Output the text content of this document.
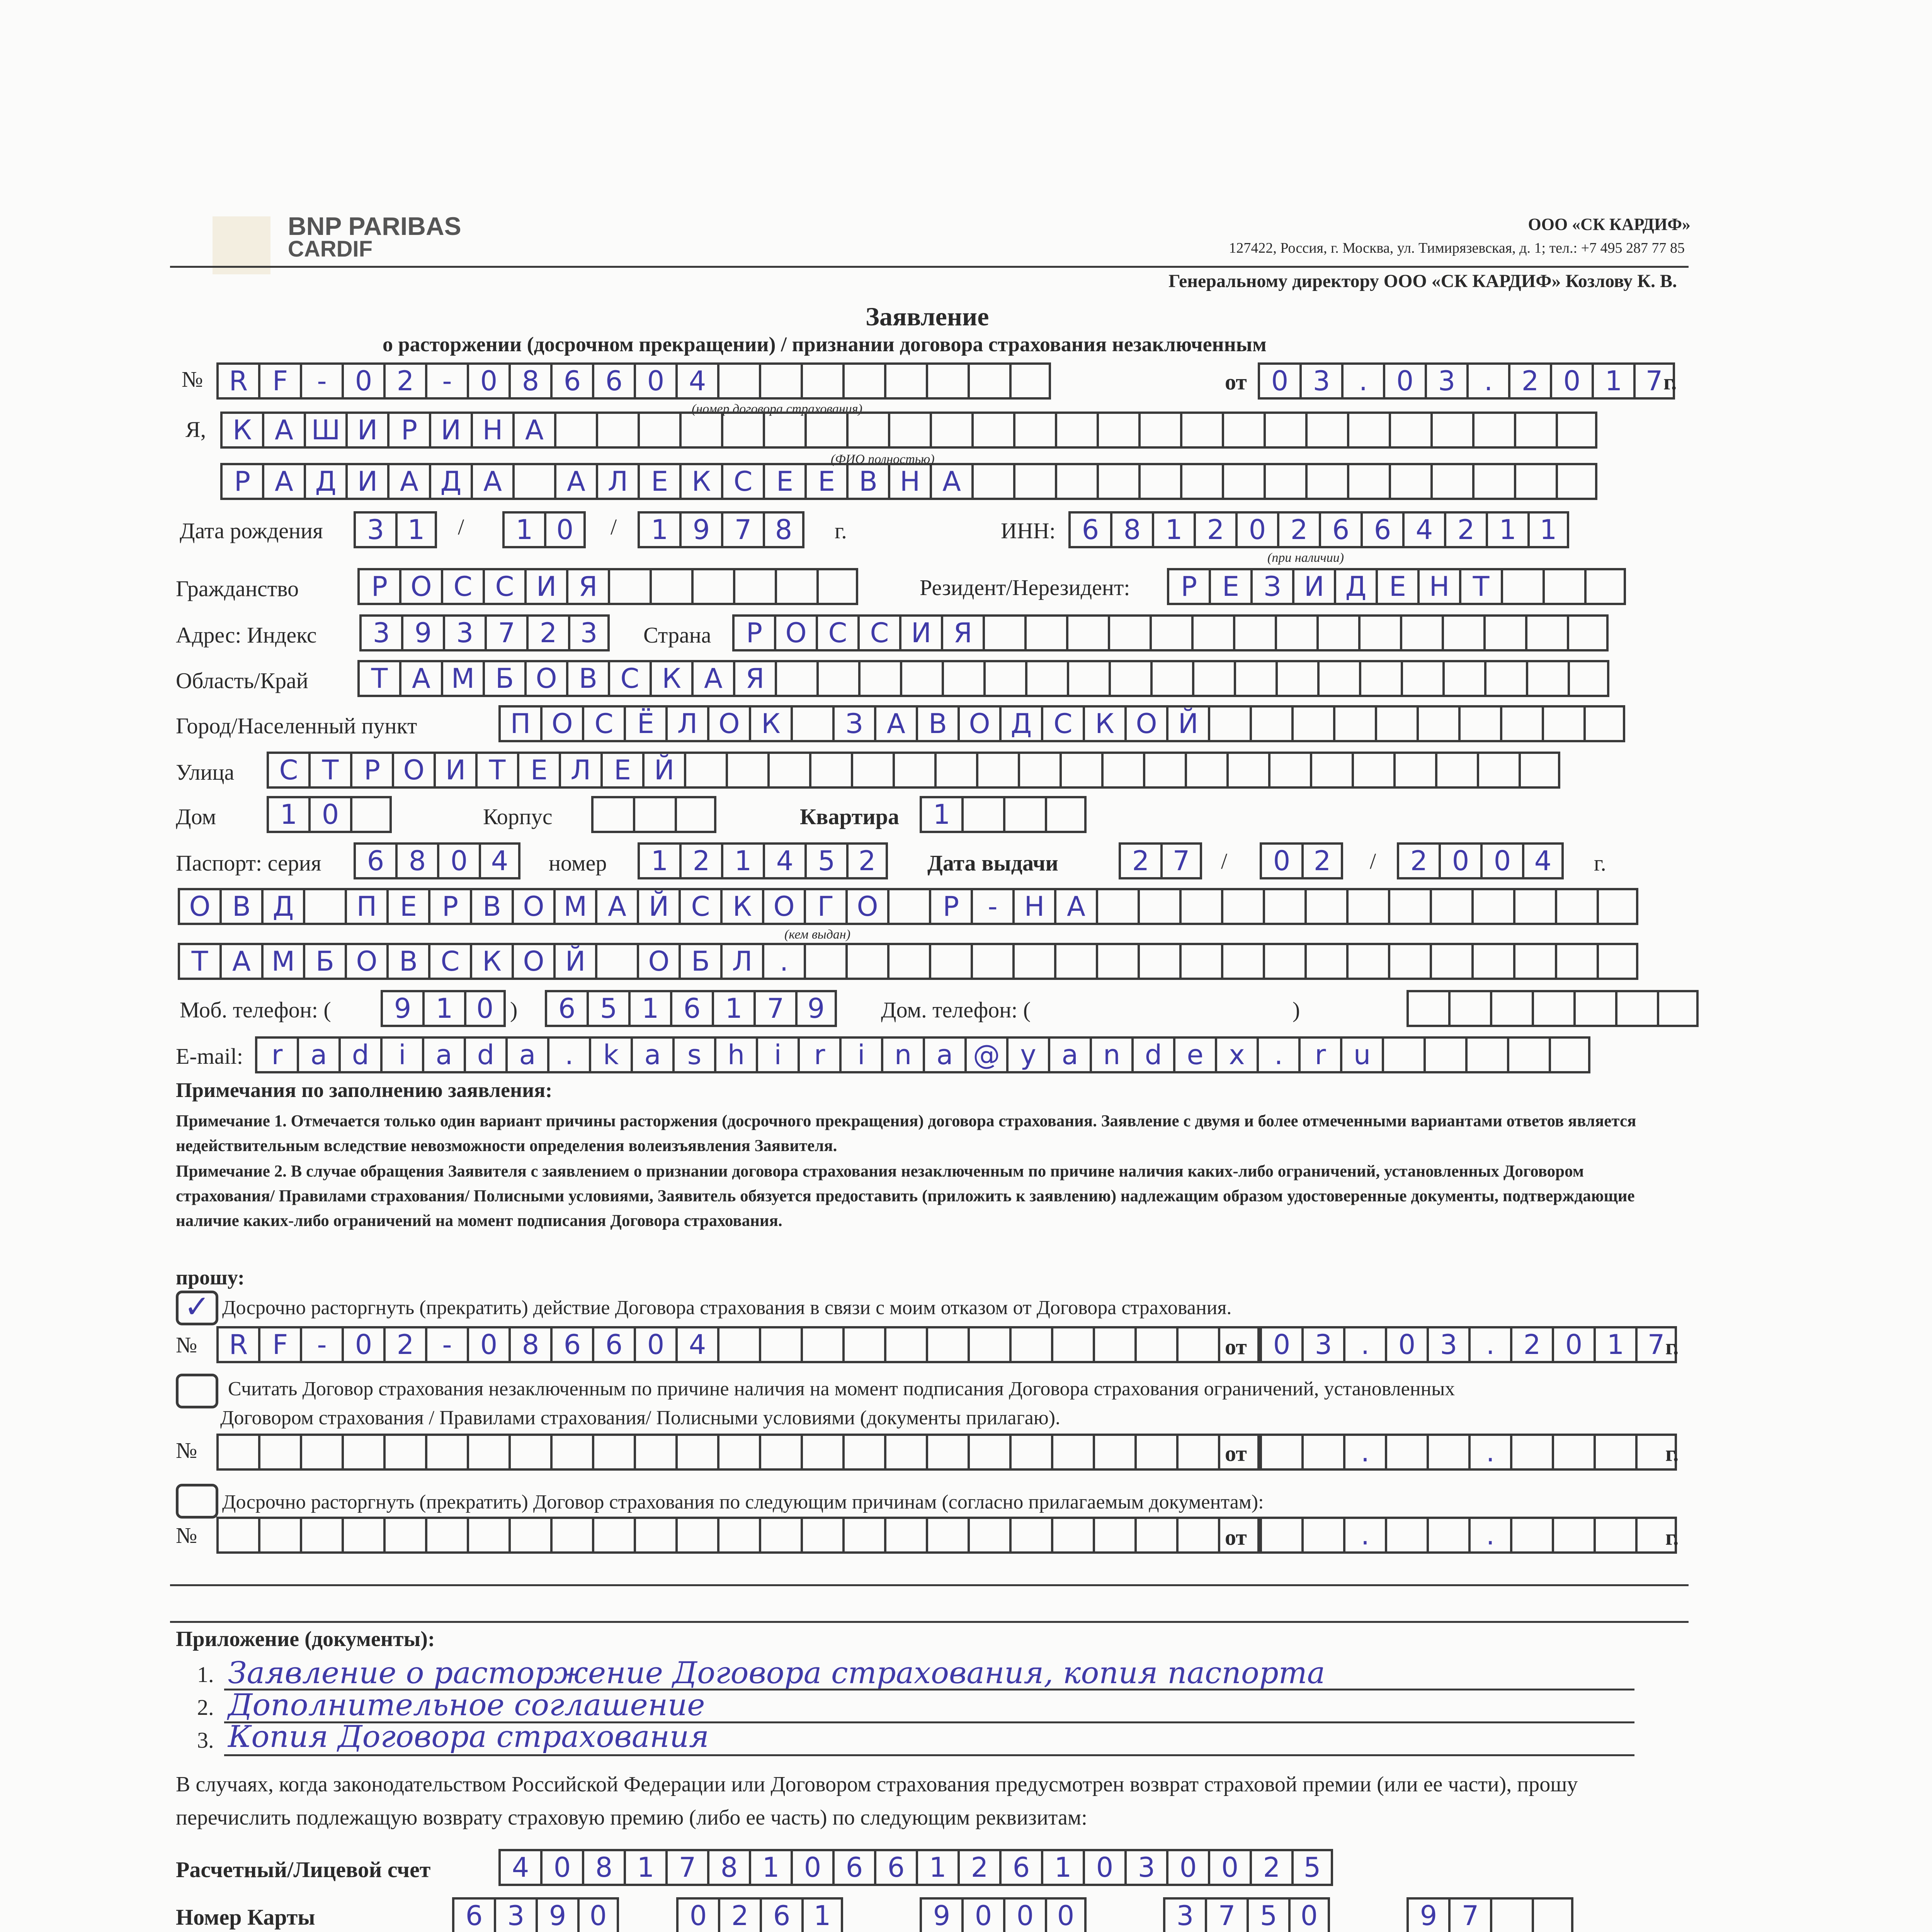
BNP PARIBAS
CARDIF
ООО «СК КАРДИФ»
127422, Россия, г. Москва, ул. Тимирязевская, д. 1; тел.: +7 495 287 77 85
Генеральному директору ООО «СК КАРДИФ» Козлову К. В.
Заявление
о расторжении (досрочном прекращении) / признании договора страхования незаключенным
№ R F	-	0 2	-	0 8 6 6 0 4
(номер договора страхования)
от 0 3	.	0 3	.	2 0 1 7 г.
Я, К А Ш И Р И Н А
Р А Д И А Д А	А Л Е К С Е Е В Н А
(ФИО полностью)
Дата рождения	3 1	/	1 0	/	1 9 7 8	г.	ИНН: 6 8 1 2 0 2 6 6 4 2 1 1
(при наличии)
Гражданство	Р О С С И Я	Резидент/Нерезидент:	Р Е З И Д Е Н Т
Адрес: Индекс	3 9 3 7 2 3	Страна	Р О С С И Я
Область/Край	Т А М Б О В С К А Я
Город/Населенный пункт	П О С Ё Л О К	З А В О Д С К О Й
Улица	С Т Р О И Т Е Л Е Й
Дом	1 0	Корпус	Квартира	1
Паспорт: серия	6 8 0 4	номер	1 2 1 4 5 2	Дата выдачи	2 7	/	0 2	/	2 0 0 4	г.
О В Д	П Е Р В О М А Й С К О Г О	Р	- Н А
(кем выдан)
Т А М Б О В С К О Й	О Б Л	.
Моб. телефон: (	9 1 0 )	6 5 1 6 1 7 9	Дом. телефон: (	)
E-mail:	r	a d	i	a d a	.	k a s h	i	r	i	n a @ y a n d e x	.	r	u
Примечания по заполнению заявления:
Примечание 1. Отмечается только один вариант причины расторжения (досрочного прекращения) договора страхования. Заявление с двумя и более отмеченными вариантами ответов является недействительным вследствие невозможности определения волеизъявления Заявителя.
Примечание 2. В случае обращения Заявителя с заявлением о признании договора страхования незаключенным по причине наличия каких-либо ограничений, установленных Договором страхования/ Правилами страхования/ Полисными условиями, Заявитель обязуется предоставить (приложить к заявлению) надлежащим образом удостоверенные документы, подтверждающие наличие каких-либо ограничений на момент подписания Договора страхования.
прошу:
✓ Досрочно расторгнуть (прекратить) действие Договора страхования в связи с моим отказом от Договора страхования.
№	R F	-	0 2	-	0 8 6 6 0 4	от 0 3	.	0 3	.	2 0 1 7 г.
Считать Договор страхования незаключенным по причине наличия на момент подписания Договора страхования ограничений, установленных
Договором страхования / Правилами страхования/ Полисными условиями (документы прилагаю).
№	от	.	.	г.
Досрочно расторгнуть (прекратить) Договор страхования по следующим причинам (согласно прилагаемым документам):
№	от	.	.	г.
Приложение (документы):
1. Заявление о расторжение Договора страхования, копия паспорта
2. Дополнительное соглашение
3. Копия Договора страхования
В случаях, когда законодательством Российской Федерации или Договором страхования предусмотрен возврат страховой премии (или ее части), прошу перечислить подлежащую возврату страховую премию (либо ее часть) по следующим реквизитам:
Расчетный/Лицевой счет	4 0 8 1 7 8 1 0 6 6 1 2 6 1 0 3 0 0 2 5
Номер Карты	6 3 9 0	0 2 6 1	9 0 0 0	3 7 5 0	9 7
